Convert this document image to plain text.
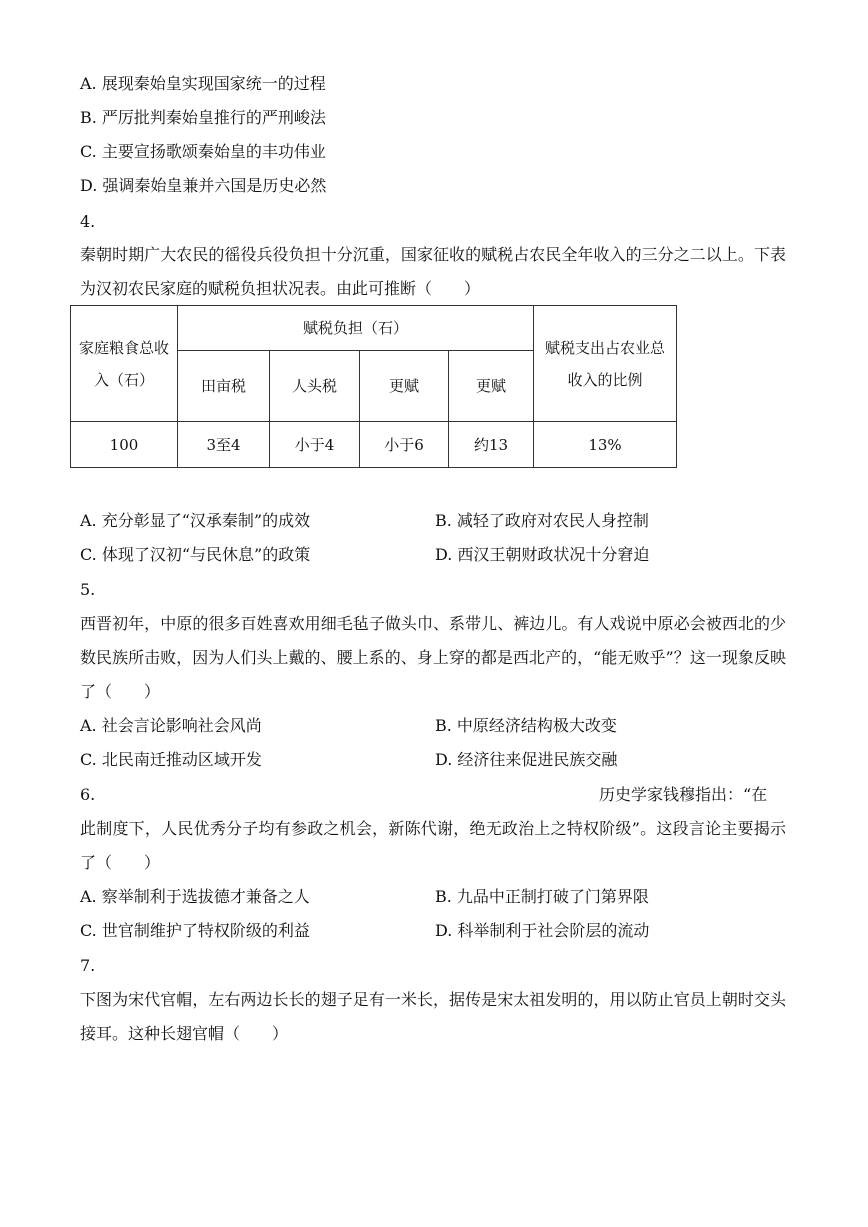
A. 展现秦始皇实现国家统一的过程
B. 严厉批判秦始皇推行的严刑峻法
C. 主要宣扬歌颂秦始皇的丰功伟业
D. 强调秦始皇兼并六国是历史必然
4.
秦朝时期广大农民的徭役兵役负担十分沉重，国家征收的赋税占农民全年收入的三分之二以上。下表为汉初农民家庭的赋税负担状况表。由此可推断（　　）
家庭粮食总收入（石）	赋税负担（石）				赋税支出占农业总收入的比例
	田亩税	人头税	更赋	更赋	
100	3至4	小于4	小于6	约13	13%
A. 充分彰显了“汉承秦制”的成效	B. 减轻了政府对农民人身控制
C. 体现了汉初“与民休息”的政策	D. 西汉王朝财政状况十分窘迫
5.
西晋初年，中原的很多百姓喜欢用细毛毡子做头巾、系带儿、裤边儿。有人戏说中原必会被西北的少数民族所击败，因为人们头上戴的、腰上系的、身上穿的都是西北产的，“能无败乎”？这一现象反映了（　　）
A. 社会言论影响社会风尚	B. 中原经济结构极大改变
C. 北民南迁推动区域开发	D. 经济往来促进民族交融
6.	历史学家钱穆指出：“在
此制度下，人民优秀分子均有参政之机会，新陈代谢，绝无政治上之特权阶级”。这段言论主要揭示了（　　）
A. 察举制利于选拔德才兼备之人	B. 九品中正制打破了门第界限
C. 世官制维护了特权阶级的利益	D. 科举制利于社会阶层的流动
7.
下图为宋代官帽，左右两边长长的翅子足有一米长，据传是宋太祖发明的，用以防止官员上朝时交头接耳。这种长翅官帽（　　）
